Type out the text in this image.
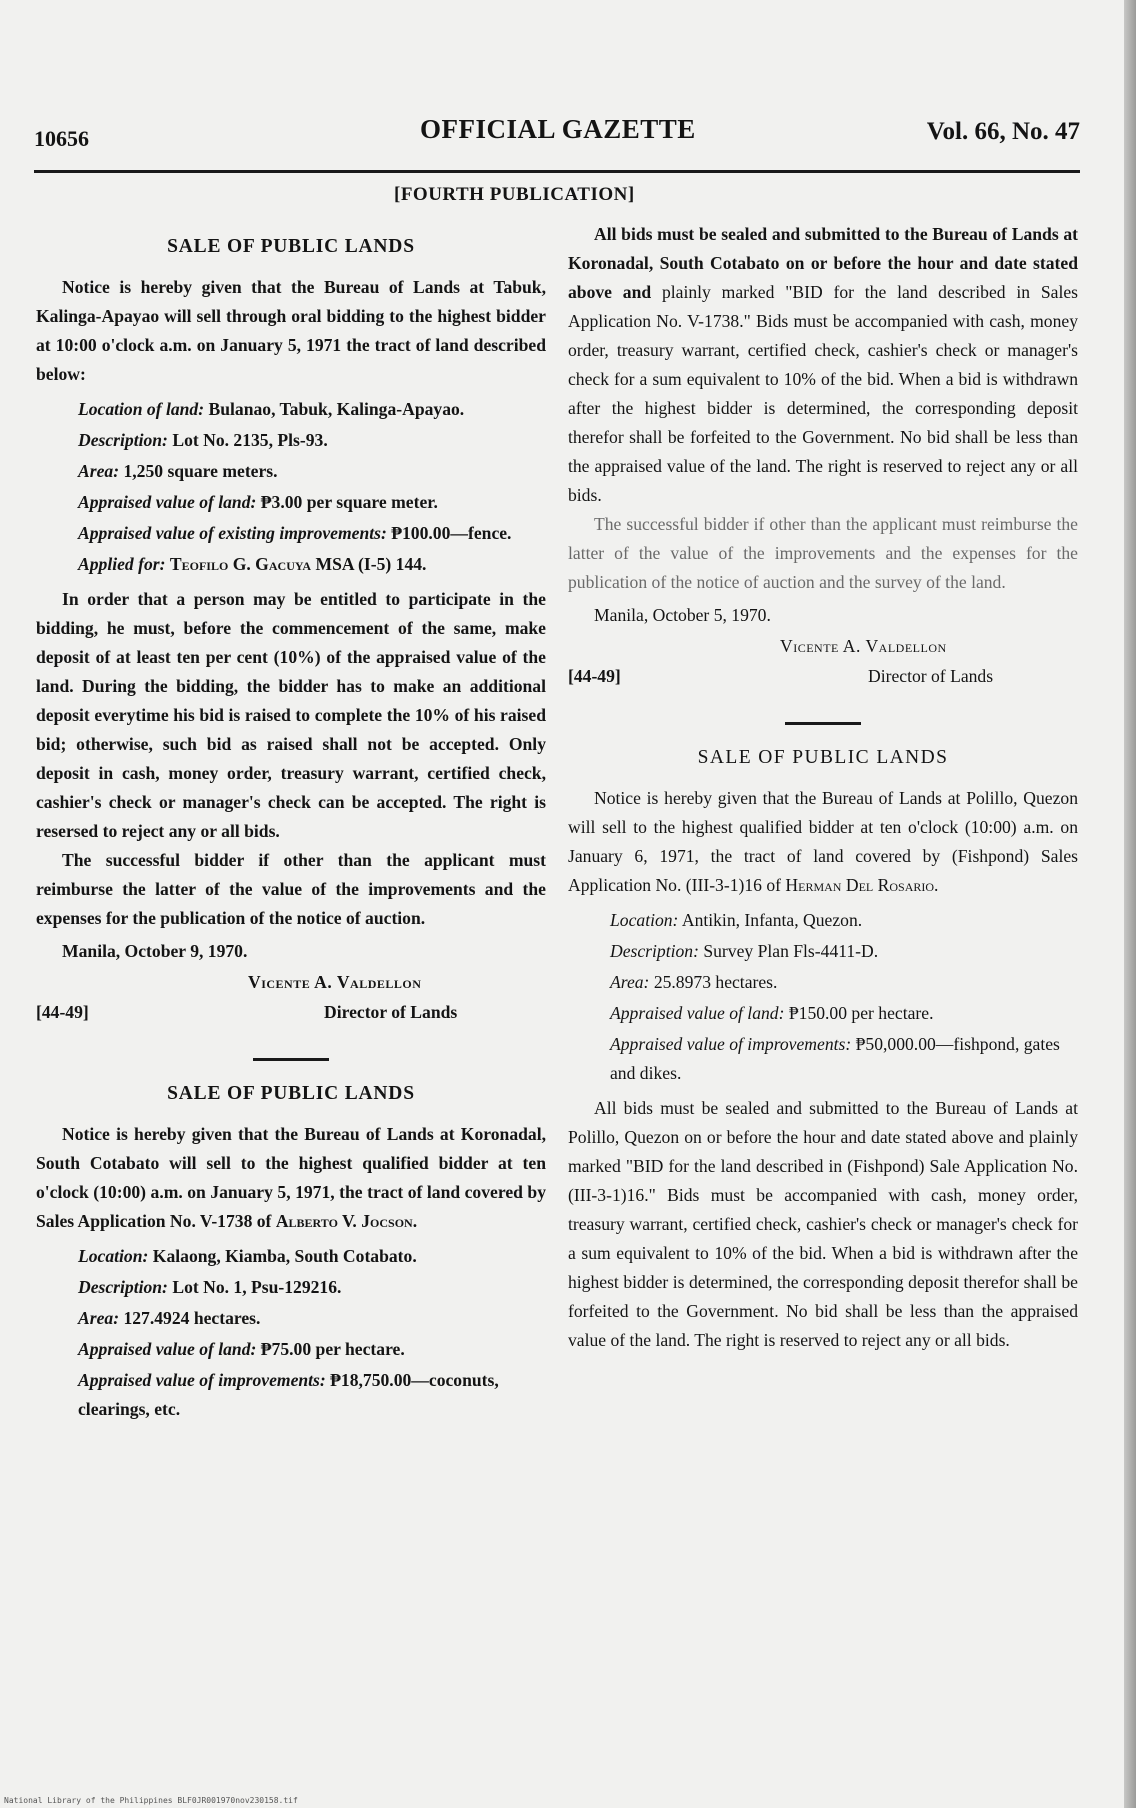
10656	OFFICIAL GAZETTE	Vol. 66, No. 47
[FOURTH PUBLICATION]
SALE OF PUBLIC LANDS

Notice is hereby given that the Bureau of Lands at Tabuk, Kalinga-Apayao will sell through oral bidding to the highest bidder at 10:00 o'clock a.m. on January 5, 1971 the tract of land described below:

Location of land: Bulanao, Tabuk, Kalinga-Apayao.
Description: Lot No. 2135, Pls-93.
Area: 1,250 square meters.
Appraised value of land: ₱3.00 per square meter.
Appraised value of existing improvements: ₱100.00—fence.
Applied for: Teofilo G. Gacuya MSA (I-5) 144.

In order that a person may be entitled to participate in the bidding, he must, before the commencement of the same, make deposit of at least ten per cent (10%) of the appraised value of the land. During the bidding, the bidder has to make an additional deposit everytime his bid is raised to complete the 10% of his raised bid; otherwise, such bid as raised shall not be accepted. Only deposit in cash, money order, treasury warrant, certified check, cashier's check or manager's check can be accepted. The right is resersed to reject any or all bids.

The successful bidder if other than the applicant must reimburse the latter of the value of the improvements and the expenses for the publication of the notice of auction.

Manila, October 9, 1970.
Vicente A. Valdellon
[44-49]	Director of Lands
SALE OF PUBLIC LANDS

Notice is hereby given that the Bureau of Lands at Koronadal, South Cotabato will sell to the highest qualified bidder at ten o'clock (10:00) a.m. on January 5, 1971, the tract of land covered by Sales Application No. V-1738 of Alberto V. Jocson.

Location: Kalaong, Kiamba, South Cotabato.
Description: Lot No. 1, Psu-129216.
Area: 127.4924 hectares.
Appraised value of land: ₱75.00 per hectare.
Appraised value of improvements: ₱18,750.00—coconuts, clearings, etc.

All bids must be sealed and submitted to the Bureau of Lands at Koronadal, South Cotabato on or before the hour and date stated above and plainly marked "BID for the land described in Sales Application No. V-1738." Bids must be accompanied with cash, money order, treasury warrant, certified check, cashier's check or manager's check for a sum equivalent to 10% of the bid. When a bid is withdrawn after the highest bidder is determined, the corresponding deposit therefor shall be forfeited to the Government. No bid shall be less than the appraised value of the land. The right is reserved to reject any or all bids.

The successful bidder if other than the applicant must reimburse the latter of the value of the improvements and the expenses for the publication of the notice of auction and the survey of the land.

Manila, October 5, 1970.
Vicente A. Valdellon
[44-49]	Director of Lands
SALE OF PUBLIC LANDS

Notice is hereby given that the Bureau of Lands at Polillo, Quezon will sell to the highest qualified bidder at ten o'clock (10:00) a.m. on January 6, 1971, the tract of land covered by (Fishpond) Sales Application No. (III-3-1)16 of Herman Del Rosario.

Location: Antikin, Infanta, Quezon.
Description: Survey Plan Fls-4411-D.
Area: 25.8973 hectares.
Appraised value of land: ₱150.00 per hectare.
Appraised value of improvements: ₱50,000.00—fishpond, gates and dikes.

All bids must be sealed and submitted to the Bureau of Lands at Polillo, Quezon on or before the hour and date stated above and plainly marked "BID for the land described in (Fishpond) Sale Application No. (III-3-1)16." Bids must be accompanied with cash, money order, treasury warrant, certified check, cashier's check or manager's check for a sum equivalent to 10% of the bid. When a bid is withdrawn after the highest bidder is determined, the corresponding deposit therefor shall be forfeited to the Government. No bid shall be less than the appraised value of the land. The right is reserved to reject any or all bids.

National Library of the Philippines BLF0JR001970nov230158.tif
